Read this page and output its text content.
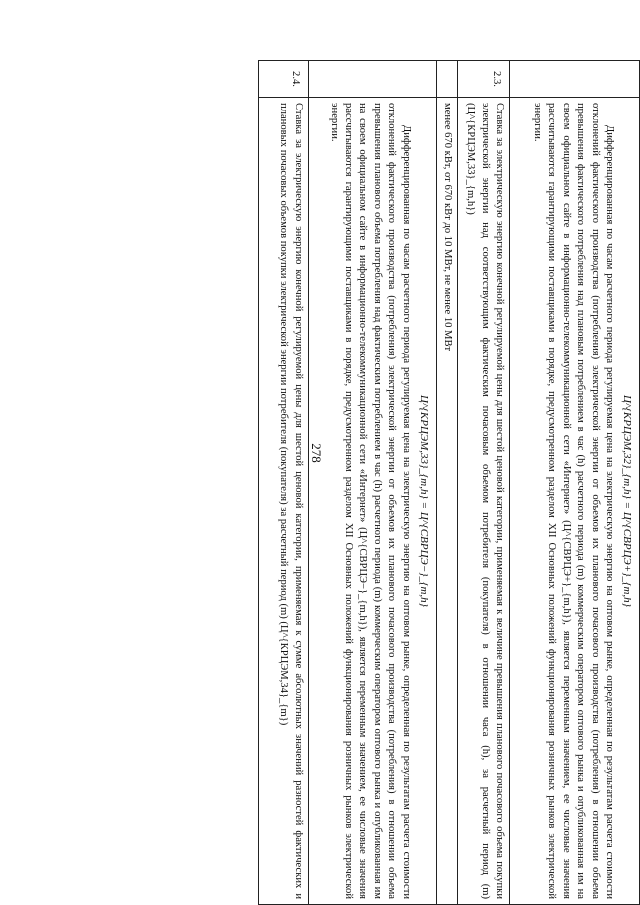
278

	Ц^{КРЦЭМ,32}_{m,h} = Ц^{СВРЦЭ+}_{m,h}

Дифференцированная по часам расчетного периода регулируемая цена на электрическую энергию на оптовом рынке, определенная по результатам расчета стоимости отклонений фактического производства (потребления) электрической энергии от объемов их планового почасового производства (потребления) в отношении объема превышения фактического потребления над плановым потреблением в час (h) расчетного периода (m) коммерческим оператором оптового рынка и опубликованная им на своем официальном сайте в информационно-телекоммуникационной сети «Интернет» (Ц^{СВРЦЭ+}_{m,h}), является переменным значением, ее числовые значения рассчитываются гарантирующими поставщиками в порядке, предусмотренном разделом XII Основных положений функционирования розничных рынков электрической энергии.

2.3.	Ставка за электрическую энергию конечной регулируемой цены для шестой ценовой категории, применяемая к величине превышения планового почасового объема покупки электрической энергии над соответствующим фактическим почасовым объемом потребителя (покупателя) в отношении часа (h), за расчетный период (m) (Ц^{КРЦЭМ,33}_{m,h})

	менее 670 кВт, от 670 кВт до 10 МВт, не менее 10 МВт

	Ц^{КРЦЭМ,33}_{m,h} = Ц^{СВРЦЭ−}_{m,h}

Дифференцированная по часам расчетного периода регулируемая цена на электрическую энергию на оптовом рынке, определенная по результатам расчета стоимости отклонений фактического производства (потребления) электрической энергии от объемов их планового почасового производства (потребления) в отношении объема превышения планового объема потребления над фактическим потреблением в час (h) расчетного периода (m) коммерческим оператором оптового рынка и опубликованная им на своем официальном сайте в информационно-телекоммуникационной сети «Интернет» (Ц^{СВРЦЭ−}_{m,h}), является переменным значением, ее числовые значения рассчитываются гарантирующими поставщиками в порядке, предусмотренном разделом XII Основных положений функционирования розничных рынков электрической энергии.

2.4.	Ставка за электрическую энергию конечной регулируемой цены для шестой ценовой категории, применяемая к сумме абсолютных значений разностей фактических и плановых почасовых объемов покупки электрической энергии потребителя (покупателя) за расчетный период (m) (Ц^{КРЦЭМ,34}_{m})
